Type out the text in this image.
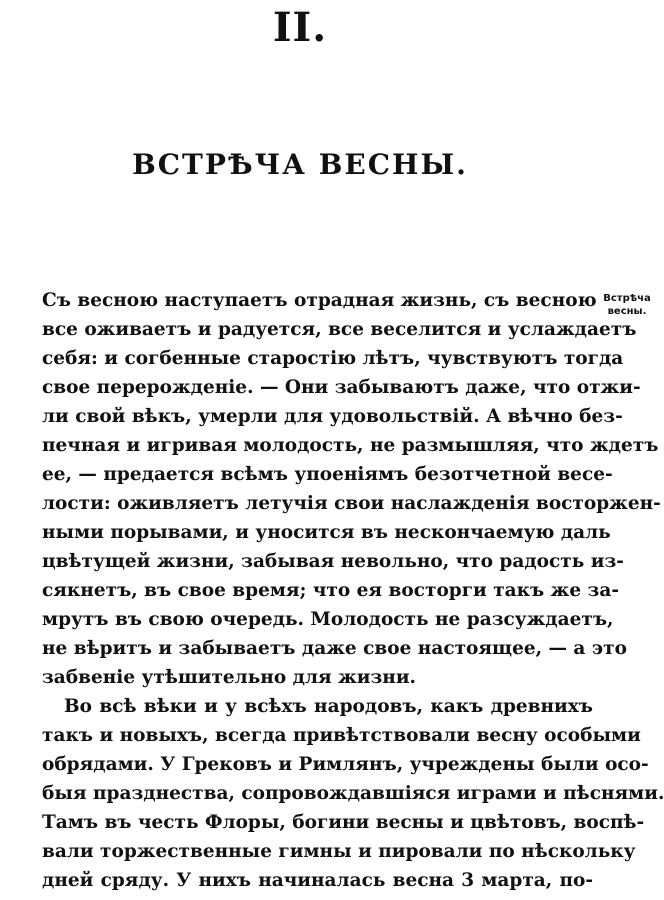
II.
ВСТРѢЧА ВЕСНЫ.
Встрѣча
весны.
Съ весною наступаетъ отрадная жизнь, съ весною
все оживаетъ и радуется, все веселится и услаждаетъ
себя: и согбенные старостію лѣтъ, чувствуютъ тогда
свое перерожденіе. — Они забываютъ даже, что отжи-
ли свой вѣкъ, умерли для удовольствій. А вѣчно без-
печная и игривая молодость, не размышляя, что ждетъ
ее, — предается всѣмъ упоеніямъ безотчетной весе-
лости: оживляетъ летучія свои наслажденія восторжен-
ными порывами, и уносится въ нескончаемую даль
цвѣтущей жизни, забывая невольно, что радость из-
сякнетъ, въ свое время; что ея восторги такъ же за-
мрутъ въ свою очередь. Молодость не разсуждаетъ,
не вѣритъ и забываетъ даже свое настоящее, — а это
забвеніе утѣшительно для жизни.
Во всѣ вѣки и у всѣхъ народовъ, какъ древнихъ
такъ и новыхъ, всегда привѣтствовали весну особыми
обрядами. У Грековъ и Римлянъ, учреждены были осо-
быя празднества, сопровождавшіяся играми и пѣснями.
Тамъ въ честь Флоры, богини весны и цвѣтовъ, воспѣ-
вали торжественные гимны и пировали по нѣскольку
дней сряду. У нихъ начиналась весна 3 марта, по-
